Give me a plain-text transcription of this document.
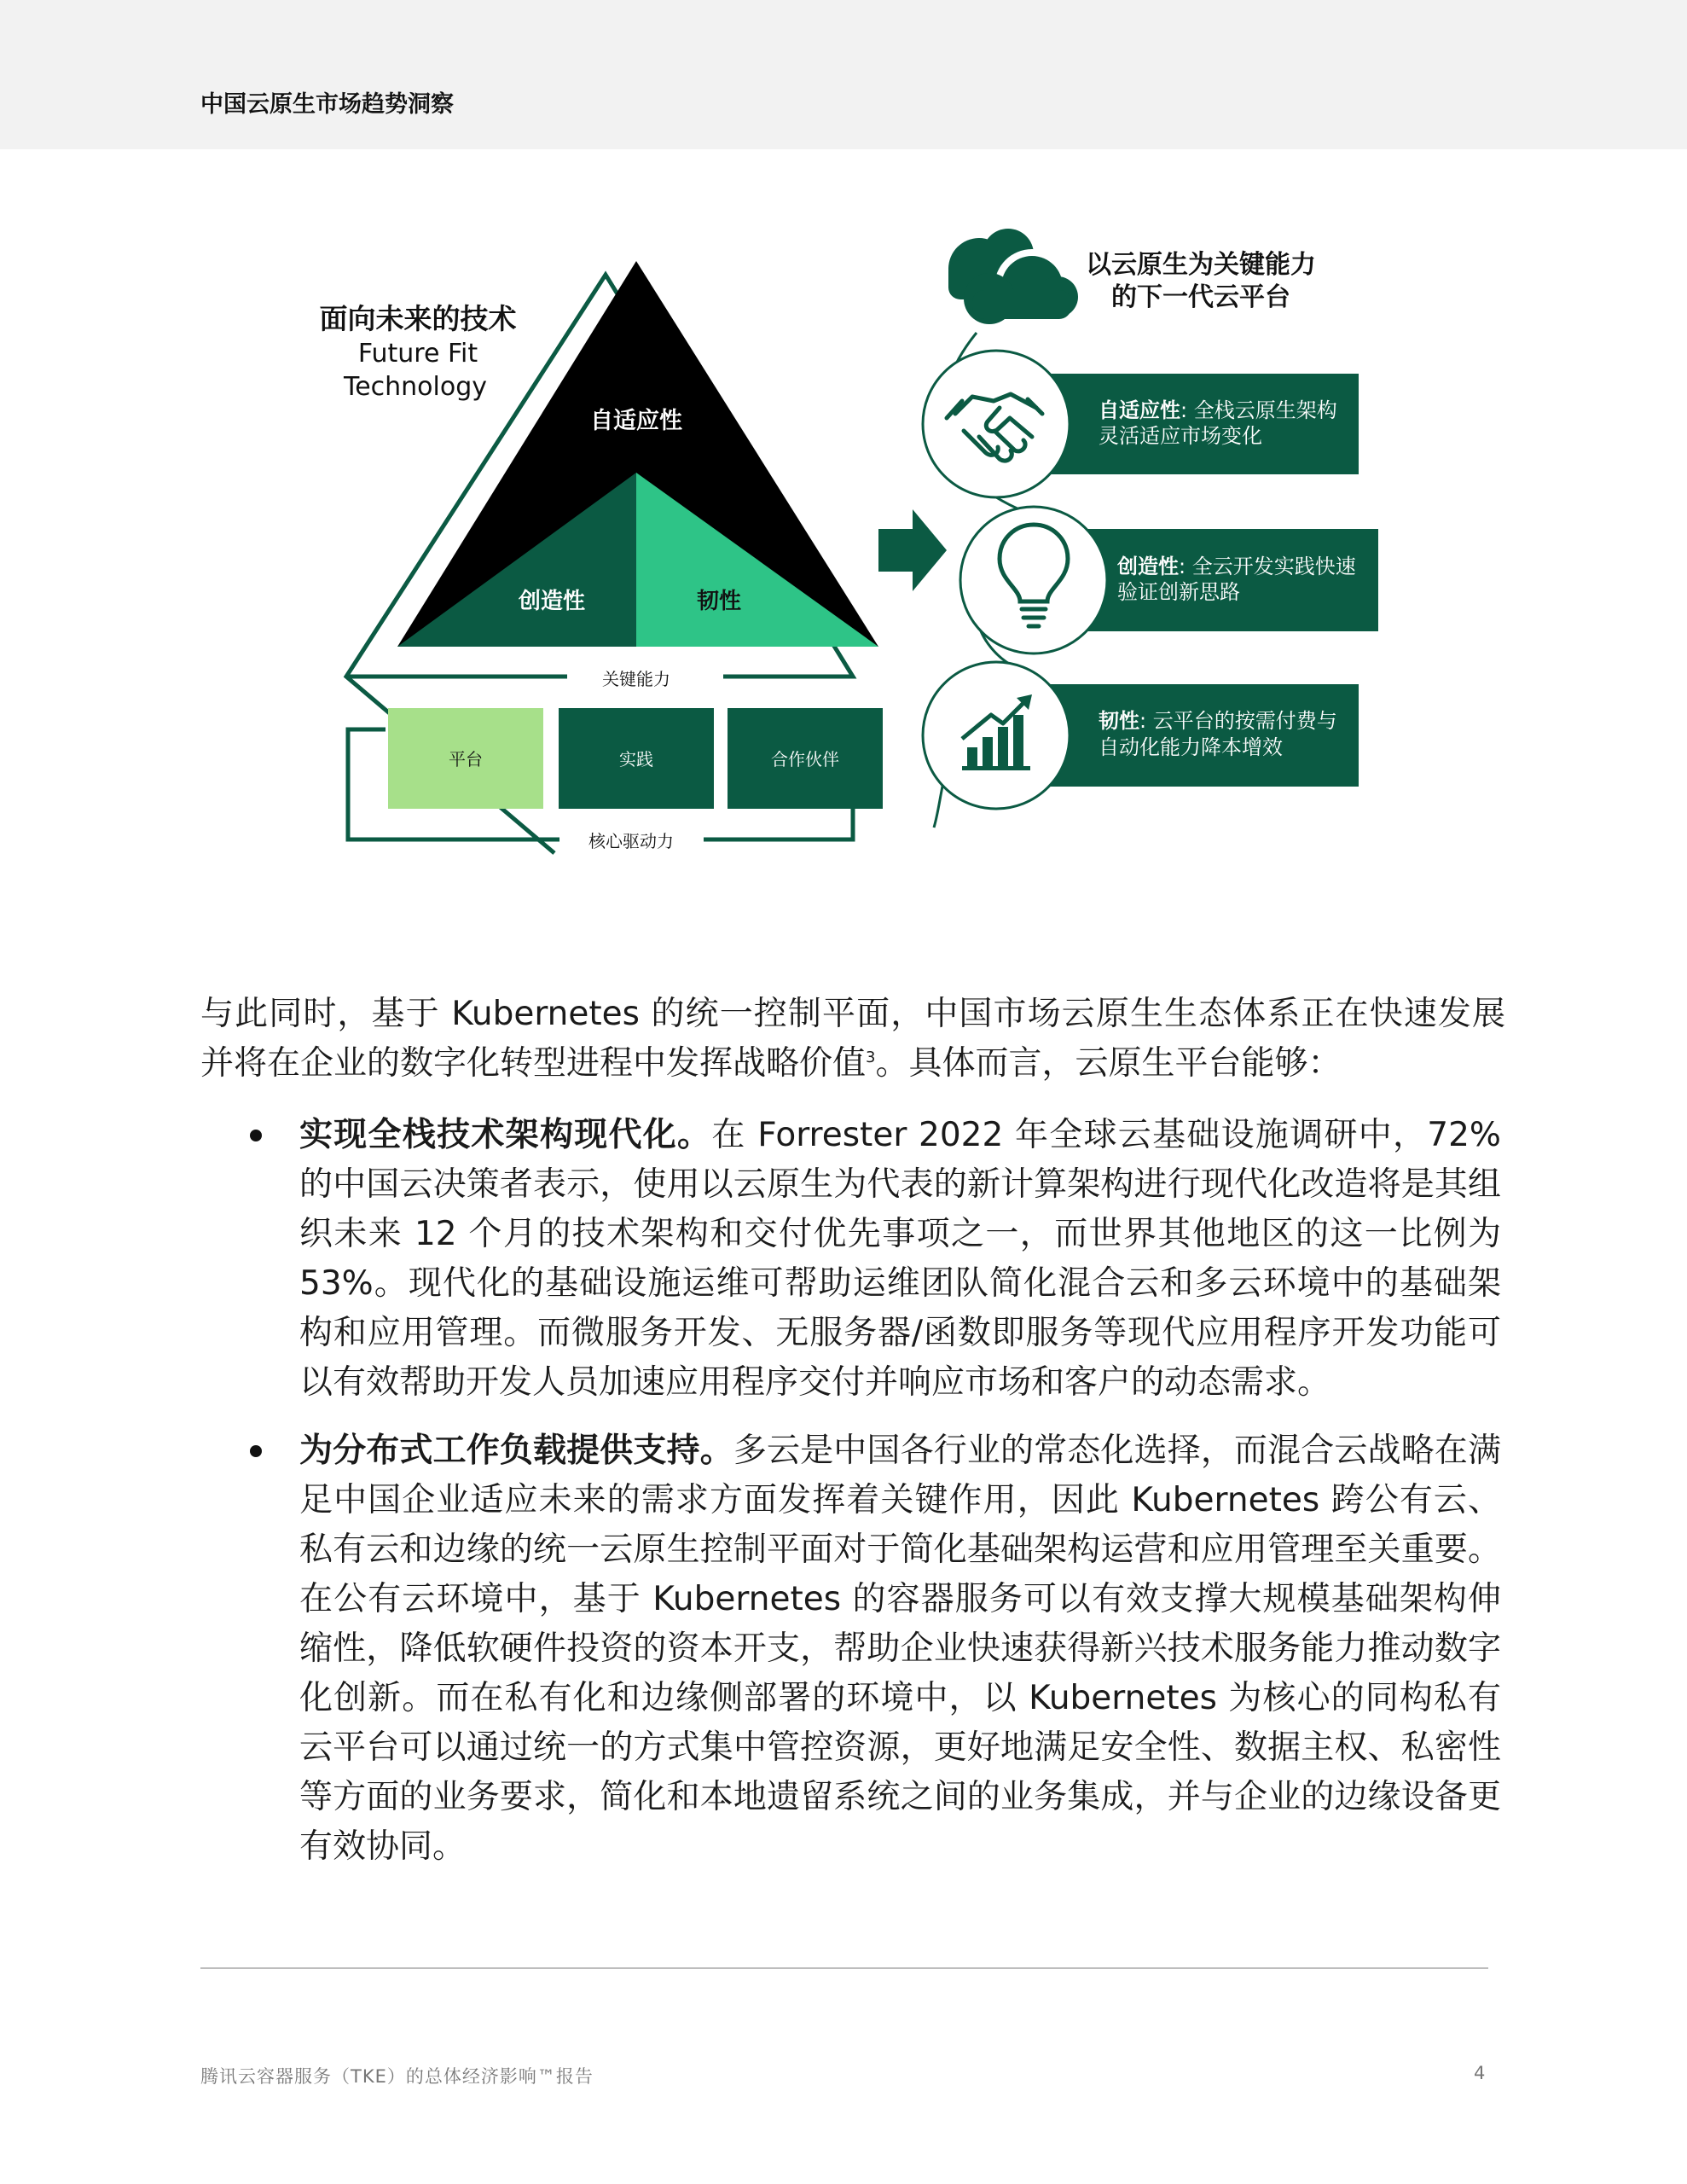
中国云原生市场趋势洞察
面向未来的技术
Future Fit
Technology
自适应性
创造性	韧性
关键能力
平台	实践	合作伙伴
核心驱动力
以云原生为关键能力
的下一代云平台
自适应性: 全栈云原生架构
灵活适应市场变化
创造性: 全云开发实践快速
验证创新思路
韧性: 云平台的按需付费与
自动化能力降本增效

与此同时，基于 Kubernetes 的统一控制平面，中国市场云原生生态体系正在快速发展并将在企业的数字化转型进程中发挥战略价值$^3$。具体而言，云原生平台能够：

实现全栈技术架构现代化。在 Forrester 2022 年全球云基础设施调研中，72% 的中国云决策者表示，使用以云原生为代表的新计算架构进行现代化改造将是其组织未来 12 个月的技术架构和交付优先事项之一，而世界其他地区的这一比例为 53%。现代化的基础设施运维可帮助运维团队简化混合云和多云环境中的基础架构和应用管理。而微服务开发、无服务器/函数即服务等现代应用程序开发功能可以有效帮助开发人员加速应用程序交付并响应市场和客户的动态需求。
为分布式工作负载提供支持。多云是中国各行业的常态化选择，而混合云战略在满足中国企业适应未来的需求方面发挥着关键作用，因此 Kubernetes 跨公有云、私有云和边缘的统一云原生控制平面对于简化基础架构运营和应用管理至关重要。在公有云环境中，基于 Kubernetes 的容器服务可以有效支撑大规模基础架构伸缩性，降低软硬件投资的资本开支，帮助企业快速获得新兴技术服务能力推动数字化创新。而在私有化和边缘侧部署的环境中，以 Kubernetes 为核心的同构私有云平台可以通过统一的方式集中管控资源，更好地满足安全性、数据主权、私密性等方面的业务要求，简化和本地遗留系统之间的业务集成，并与企业的边缘设备更有效协同。
腾讯云容器服务（TKE）的总体经济影响™报告	4
